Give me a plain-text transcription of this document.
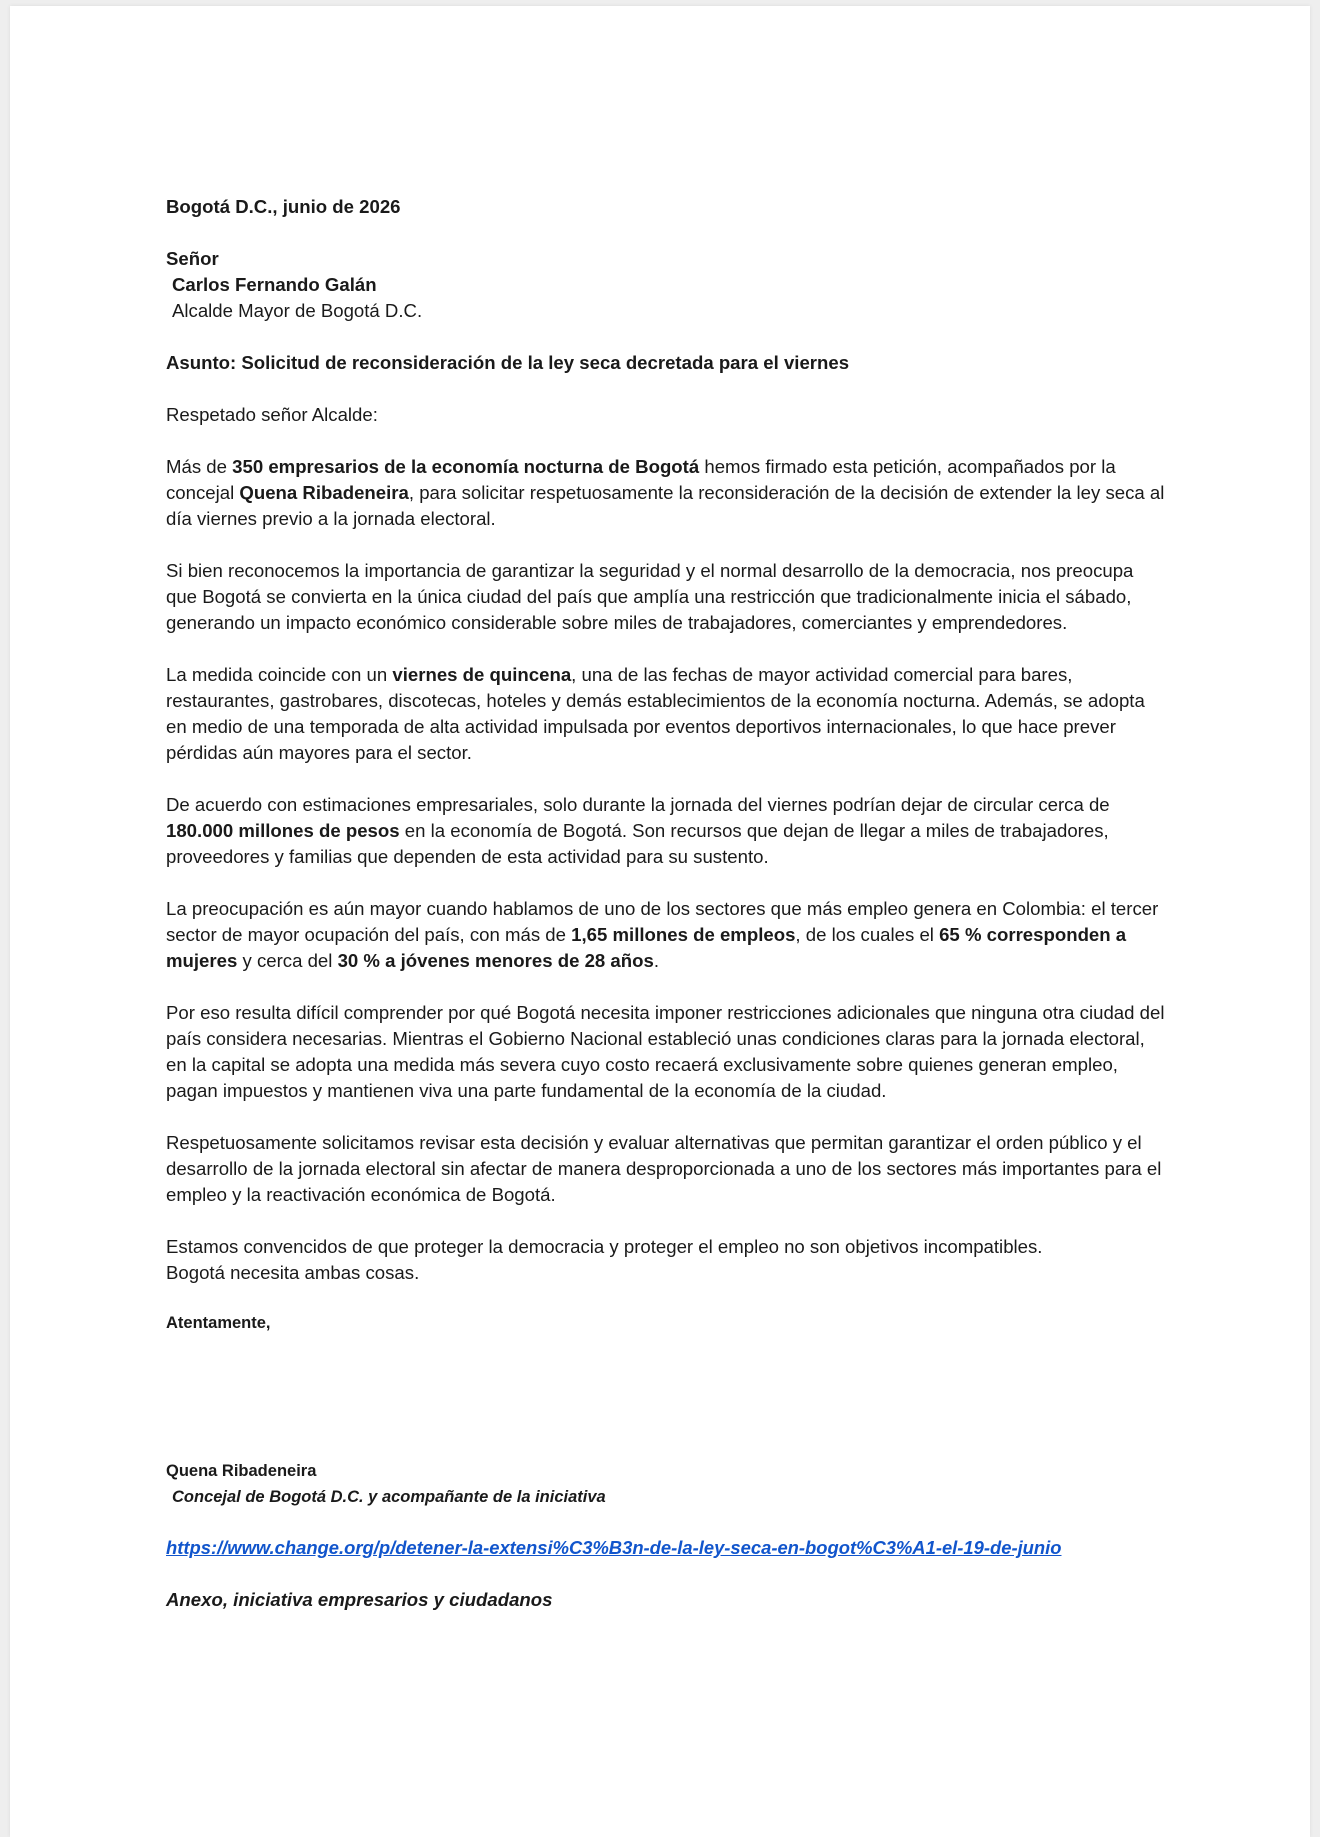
Bogotá D.C., junio de 2026

Señor

Carlos Fernando Galán

Alcalde Mayor de Bogotá D.C.

Asunto: Solicitud de reconsideración de la ley seca decretada para el viernes

Respetado señor Alcalde:

Más de 350 empresarios de la economía nocturna de Bogotá hemos firmado esta petición, acompañados por la concejal Quena Ribadeneira, para solicitar respetuosamente la reconsideración de la decisión de extender la ley seca al día viernes previo a la jornada electoral.

Si bien reconocemos la importancia de garantizar la seguridad y el normal desarrollo de la democracia, nos preocupa que Bogotá se convierta en la única ciudad del país que amplía una restricción que tradicionalmente inicia el sábado, generando un impacto económico considerable sobre miles de trabajadores, comerciantes y emprendedores.

La medida coincide con un viernes de quincena, una de las fechas de mayor actividad comercial para bares, restaurantes, gastrobares, discotecas, hoteles y demás establecimientos de la economía nocturna. Además, se adopta en medio de una temporada de alta actividad impulsada por eventos deportivos internacionales, lo que hace prever pérdidas aún mayores para el sector.

De acuerdo con estimaciones empresariales, solo durante la jornada del viernes podrían dejar de circular cerca de 180.000 millones de pesos en la economía de Bogotá. Son recursos que dejan de llegar a miles de trabajadores, proveedores y familias que dependen de esta actividad para su sustento.

La preocupación es aún mayor cuando hablamos de uno de los sectores que más empleo genera en Colombia: el tercer sector de mayor ocupación del país, con más de 1,65 millones de empleos, de los cuales el 65 % corresponden a mujeres y cerca del 30 % a jóvenes menores de 28 años.

Por eso resulta difícil comprender por qué Bogotá necesita imponer restricciones adicionales que ninguna otra ciudad del país considera necesarias. Mientras el Gobierno Nacional estableció unas condiciones claras para la jornada electoral, en la capital se adopta una medida más severa cuyo costo recaerá exclusivamente sobre quienes generan empleo, pagan impuestos y mantienen viva una parte fundamental de la economía de la ciudad.

Respetuosamente solicitamos revisar esta decisión y evaluar alternativas que permitan garantizar el orden público y el desarrollo de la jornada electoral sin afectar de manera desproporcionada a uno de los sectores más importantes para el empleo y la reactivación económica de Bogotá.

Estamos convencidos de que proteger la democracia y proteger el empleo no son objetivos incompatibles.

Bogotá necesita ambas cosas.

Atentamente,

Quena Ribadeneira

Concejal de Bogotá D.C. y acompañante de la iniciativa

https://www.change.org/p/detener-la-extensi%C3%B3n-de-la-ley-seca-en-bogot%C3%A1-el-19-de-junio

Anexo, iniciativa empresarios y ciudadanos
